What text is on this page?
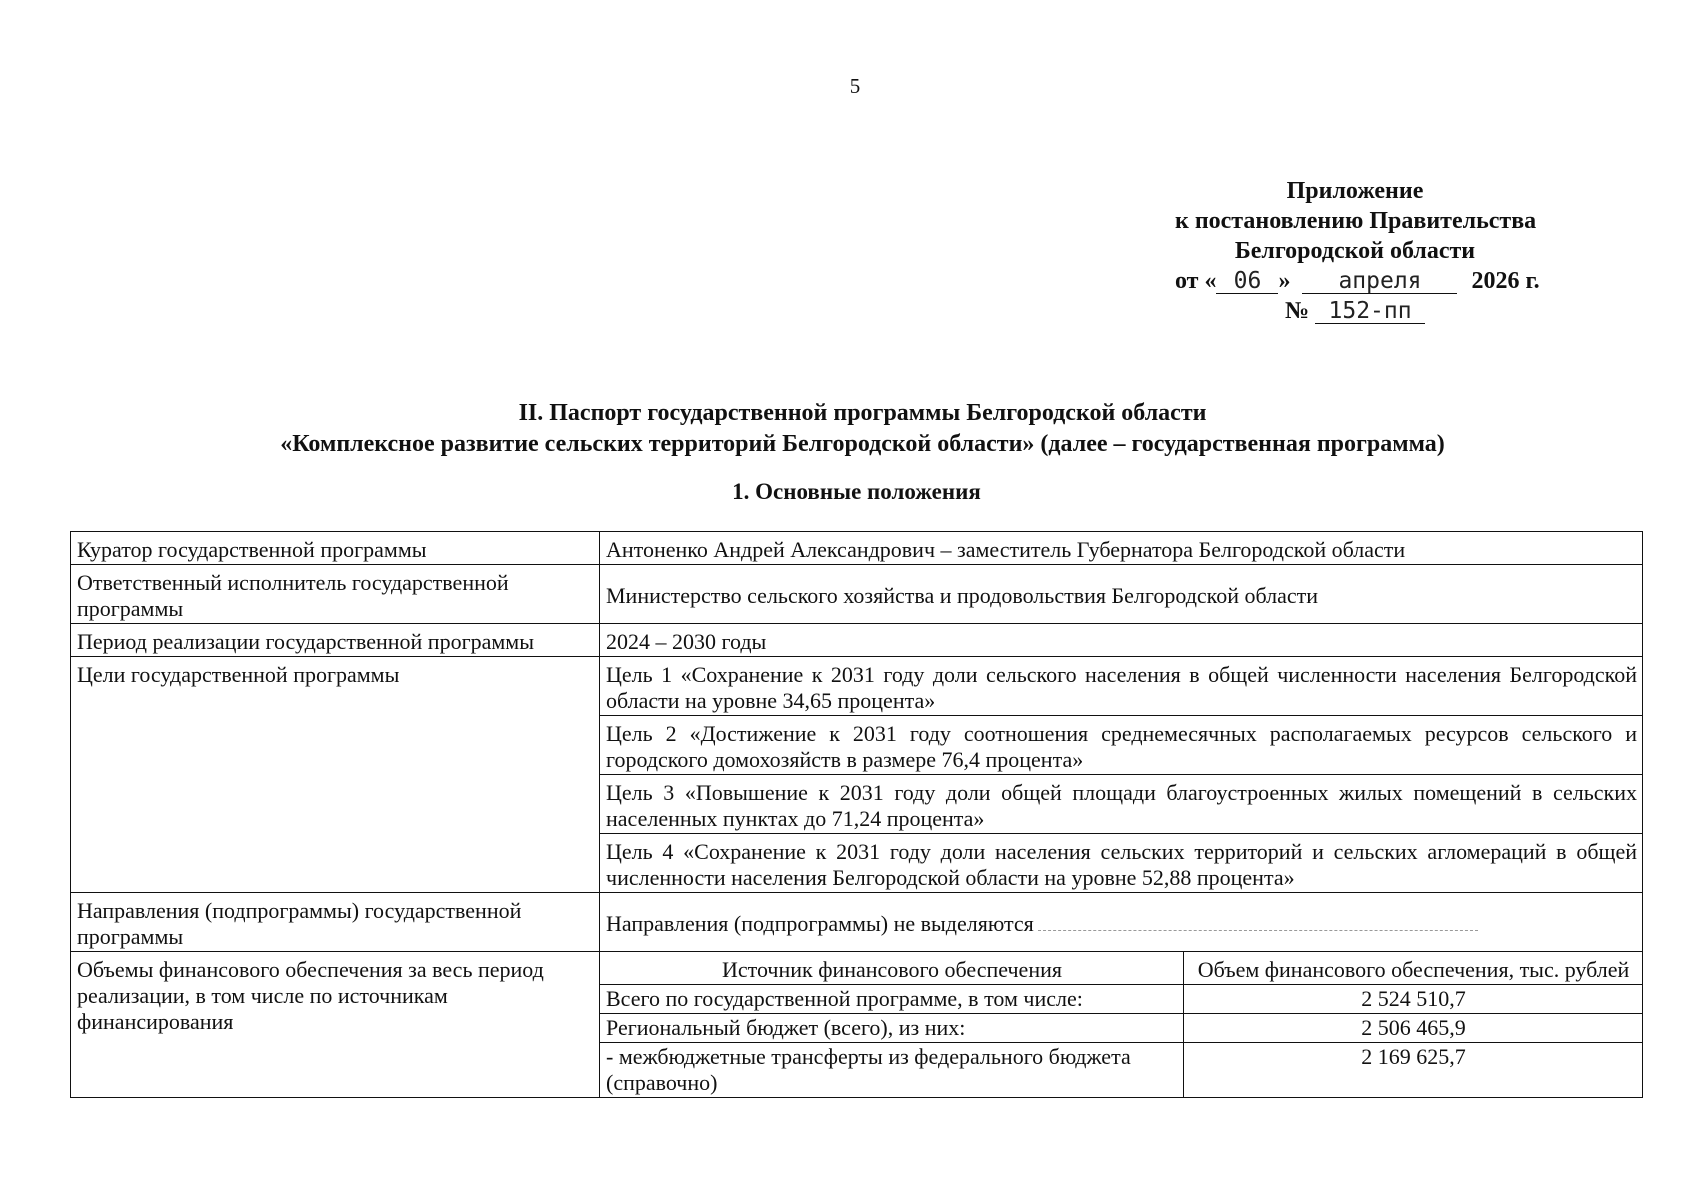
5
Приложение
к постановлению Правительства
Белгородской области
от « 06 » апреля 2026 г.
№ 152-пп
II. Паспорт государственной программы Белгородской области
«Комплексное развитие сельских территорий Белгородской области» (далее – государственная программа)
1. Основные положения
Куратор государственной программы	Антоненко Андрей Александрович – заместитель Губернатора Белгородской области
Ответственный исполнитель государственной программы	Министерство сельского хозяйства и продовольствия Белгородской области
Период реализации государственной программы	2024 – 2030 годы
Цели государственной программы	Цель 1 «Сохранение к 2031 году доли сельского населения в общей численности населения Белгородской области на уровне 34,65 процента»
Цель 2 «Достижение к 2031 году соотношения среднемесячных располагаемых ресурсов сельского и городского домохозяйств в размере 76,4 процента»
Цель 3 «Повышение к 2031 году доли общей площади благоустроенных жилых помещений в сельских населенных пунктах до 71,24 процента»
Цель 4 «Сохранение к 2031 году доли населения сельских территорий и сельских агломераций в общей численности населения Белгородской области на уровне 52,88 процента»
Направления (подпрограммы) государственной программы	Направления (подпрограммы) не выделяются
Объемы финансового обеспечения за весь период реализации, в том числе по источникам финансирования	
Источник финансового обеспечения	Объем финансового обеспечения, тыс. рублей
Всего по государственной программе, в том числе:	2 524 510,7
Региональный бюджет (всего), из них:	2 506 465,9
- межбюджетные трансферты из федерального бюджета (справочно)	2 169 625,7
